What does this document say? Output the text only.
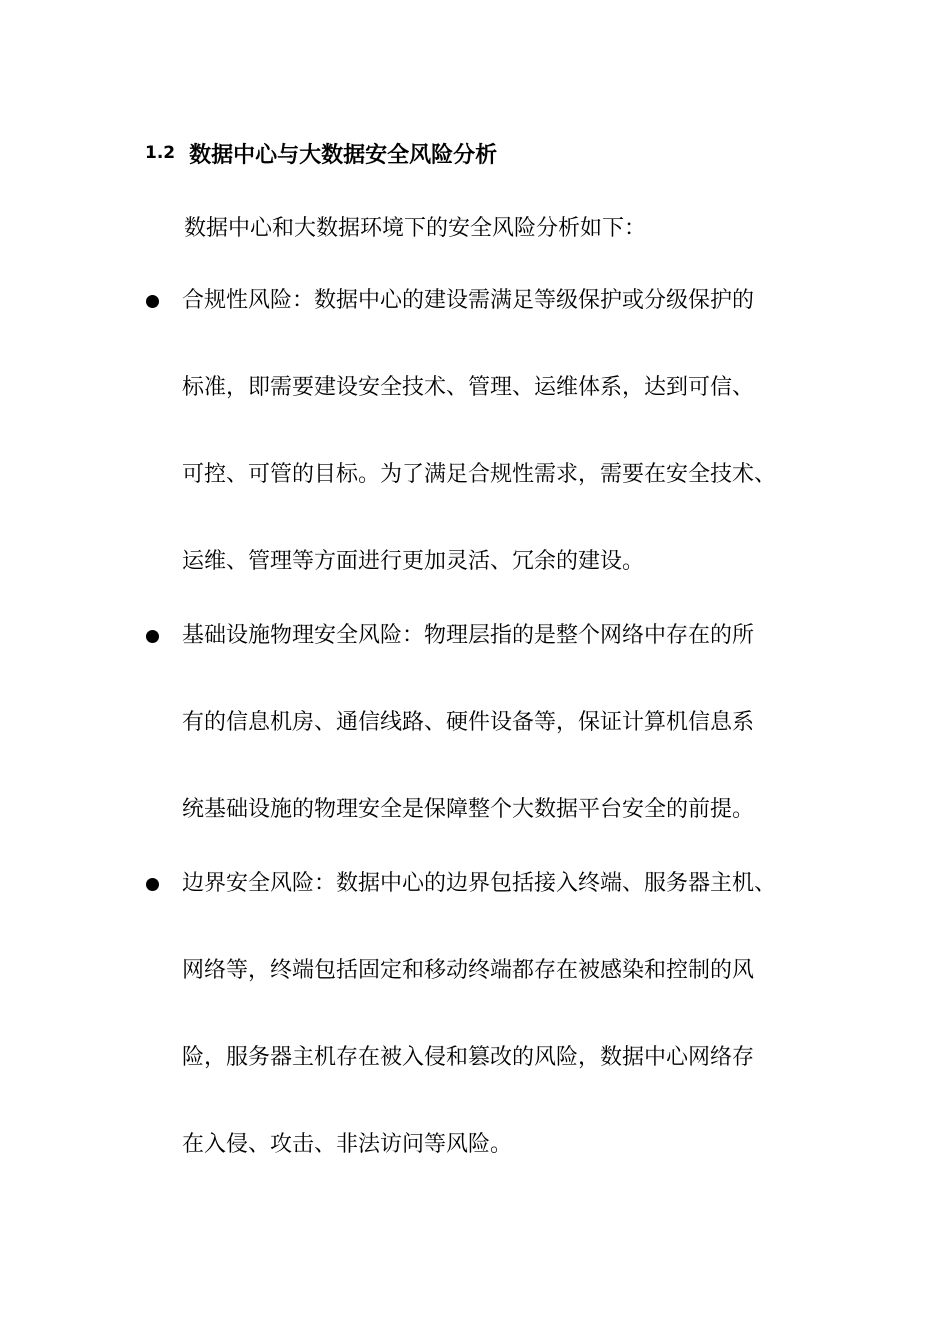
1.2 数据中心与大数据安全风险分析
数据中心和大数据环境下的安全风险分析如下：
合规性风险：数据中心的建设需满足等级保护或分级保护的
标准，即需要建设安全技术、管理、运维体系，达到可信、
可控、可管的目标。为了满足合规性需求，需要在安全技术、
运维、管理等方面进行更加灵活、冗余的建设。
基础设施物理安全风险：物理层指的是整个网络中存在的所
有的信息机房、通信线路、硬件设备等，保证计算机信息系
统基础设施的物理安全是保障整个大数据平台安全的前提。
边界安全风险：数据中心的边界包括接入终端、服务器主机、
网络等，终端包括固定和移动终端都存在被感染和控制的风
险，服务器主机存在被入侵和篡改的风险，数据中心网络存
在入侵、攻击、非法访问等风险。
